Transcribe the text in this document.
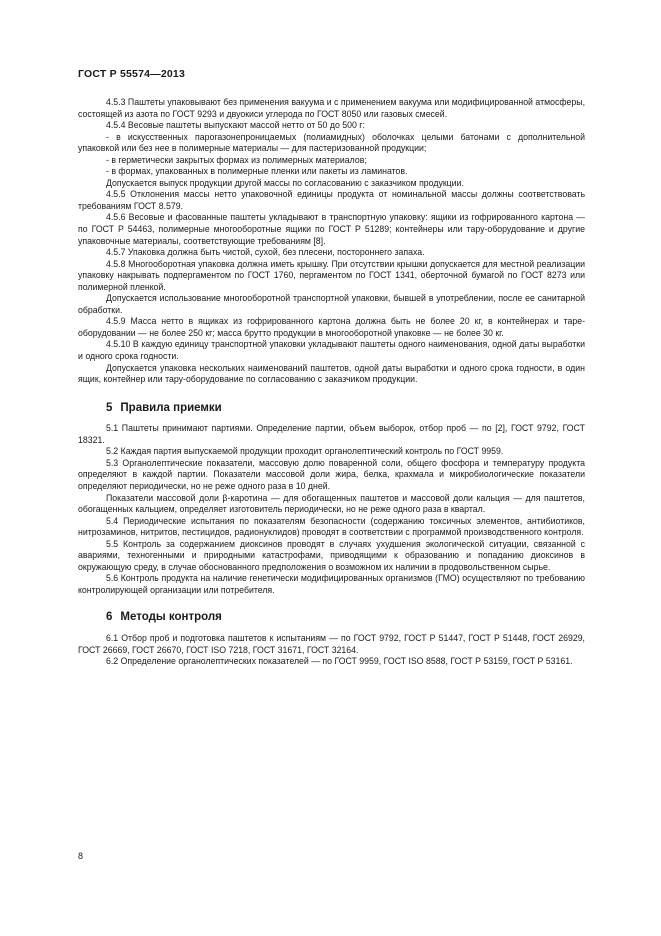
ГОСТ Р 55574—2013

4.5.3 Паштеты упаковывают без применения вакуума и с применением вакуума или модифицированной атмосферы, состоящей из азота по ГОСТ 9293 и двуокиси углерода по ГОСТ 8050 или газовых смесей.

4.5.4 Весовые паштеты выпускают массой нетто от 50 до 500 г:

- в искусственных парогазонепроницаемых (полиамидных) оболочках целыми батонами с дополнительной упаковкой или без нее в полимерные материалы — для пастеризованной продукции;

- в герметически закрытых формах из полимерных материалов;

- в формах, упакованных в полимерные пленки или пакеты из ламинатов.

Допускается выпуск продукции другой массы по согласованию с заказчиком продукции.

4.5.5 Отклонения массы нетто упаковочной единицы продукта от номинальной массы должны соответствовать требованиям ГОСТ 8.579.

4.5.6 Весовые и фасованные паштеты укладывают в транспортную упаковку: ящики из гофрированного картона — по ГОСТ Р 54463, полимерные многооборотные ящики по ГОСТ Р 51289; контейнеры или тару-оборудование и другие упаковочные материалы, соответствующие требованиям [8].

4.5.7 Упаковка должна быть чистой, сухой, без плесени, постороннего запаха.

4.5.8 Многооборотная упаковка должна иметь крышку. При отсутствии крышки допускается для местной реализации упаковку накрывать подпергаментом по ГОСТ 1760, пергаментом по ГОСТ 1341, оберточной бумагой по ГОСТ 8273 или полимерной пленкой.

Допускается использование многооборотной транспортной упаковки, бывшей в употреблении, после ее санитарной обработки.

4.5.9 Масса нетто в ящиках из гофрированного картона должна быть не более 20 кг, в контейнерах и таре-оборудовании — не более 250 кг; масса брутто продукции в многооборотной упаковке — не более 30 кг.

4.5.10 В каждую единицу транспортной упаковки укладывают паштеты одного наименования, одной даты выработки и одного срока годности.

Допускается упаковка нескольких наименований паштетов, одной даты выработки и одного срока годности, в один ящик, контейнер или тару-оборудование по согласованию с заказчиком продукции.

5 Правила приемки

5.1 Паштеты принимают партиями. Определение партии, объем выборок, отбор проб — по [2], ГОСТ 9792, ГОСТ 18321.

5.2 Каждая партия выпускаемой продукции проходит органолептический контроль по ГОСТ 9959.

5.3 Органолептические показатели, массовую долю поваренной соли, общего фосфора и температуру продукта определяют в каждой партии. Показатели массовой доли жира, белка, крахмала и микробиологические показатели определяют периодически, но не реже одного раза в 10 дней.

Показатели массовой доли β-каротина — для обогащенных паштетов и массовой доли кальция — для паштетов, обогащенных кальцием, определяет изготовитель периодически, но не реже одного раза в квартал.

5.4 Периодические испытания по показателям безопасности (содержанию токсичных элементов, антибиотиков, нитрозаминов, нитритов, пестицидов, радионуклидов) проводят в соответствии с программой производственного контроля.

5.5 Контроль за содержанием диоксинов проводят в случаях ухудшения экологической ситуации, связанной с авариями, техногенными и природными катастрофами, приводящими к образованию и попаданию диоксинов в окружающую среду, в случае обоснованного предположения о возможном их наличии в продовольственном сырье.

5.6 Контроль продукта на наличие генетически модифицированных организмов (ГМО) осуществляют по требованию контролирующей организации или потребителя.

6 Методы контроля

6.1 Отбор проб и подготовка паштетов к испытаниям — по ГОСТ 9792, ГОСТ Р 51447, ГОСТ Р 51448, ГОСТ 26929, ГОСТ 26669, ГОСТ 26670, ГОСТ ISO 7218, ГОСТ 31671, ГОСТ 32164.

6.2 Определение органолептических показателей — по ГОСТ 9959, ГОСТ ISO 8588, ГОСТ Р 53159, ГОСТ Р 53161.

8
